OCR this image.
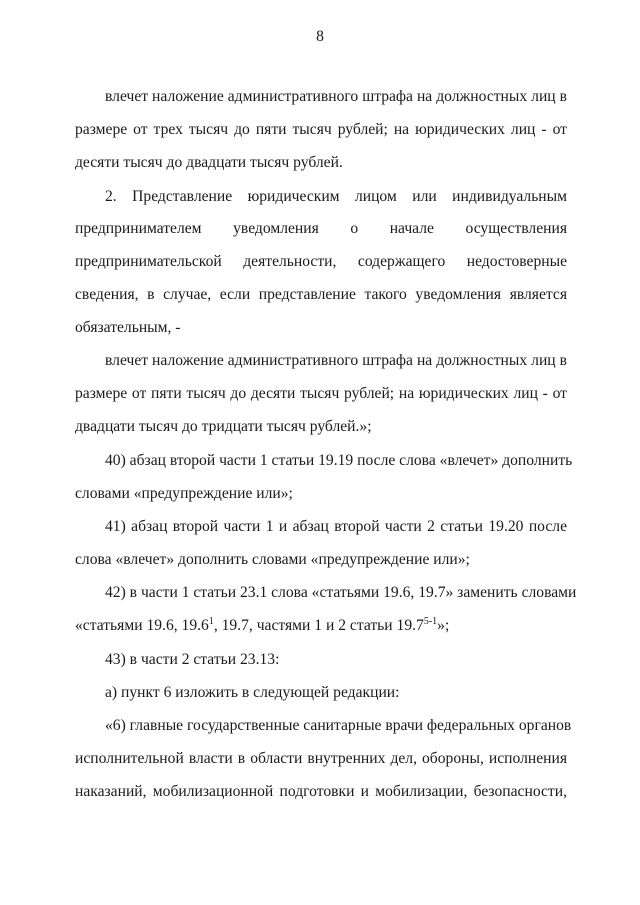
8
влечет наложение административного штрафа на должностных лиц в
размере от трех тысяч до пяти тысяч рублей; на юридических лиц - от
десяти тысяч до двадцати тысяч рублей.
2. Представление юридическим лицом или индивидуальным
предпринимателем уведомления о начале осуществления
предпринимательской деятельности, содержащего недостоверные
сведения, в случае, если представление такого уведомления является
обязательным, -
влечет наложение административного штрафа на должностных лиц в
размере от пяти тысяч до десяти тысяч рублей; на юридических лиц - от
двадцати тысяч до тридцати тысяч рублей.»;
40) абзац второй части 1 статьи 19.19 после слова «влечет» дополнить
словами «предупреждение или»;
41) абзац второй части 1 и абзац второй части 2 статьи 19.20 после
слова «влечет» дополнить словами «предупреждение или»;
42) в части 1 статьи 23.1 слова «статьями 19.6, 19.7» заменить словами
«статьями 19.6, 19.6$^1$, 19.7, частями 1 и 2 статьи 19.7$^{5-1}$»;
43) в части 2 статьи 23.13:
а) пункт 6 изложить в следующей редакции:
«6) главные государственные санитарные врачи федеральных органов
исполнительной власти в области внутренних дел, обороны, исполнения
наказаний, мобилизационной подготовки и мобилизации, безопасности,
